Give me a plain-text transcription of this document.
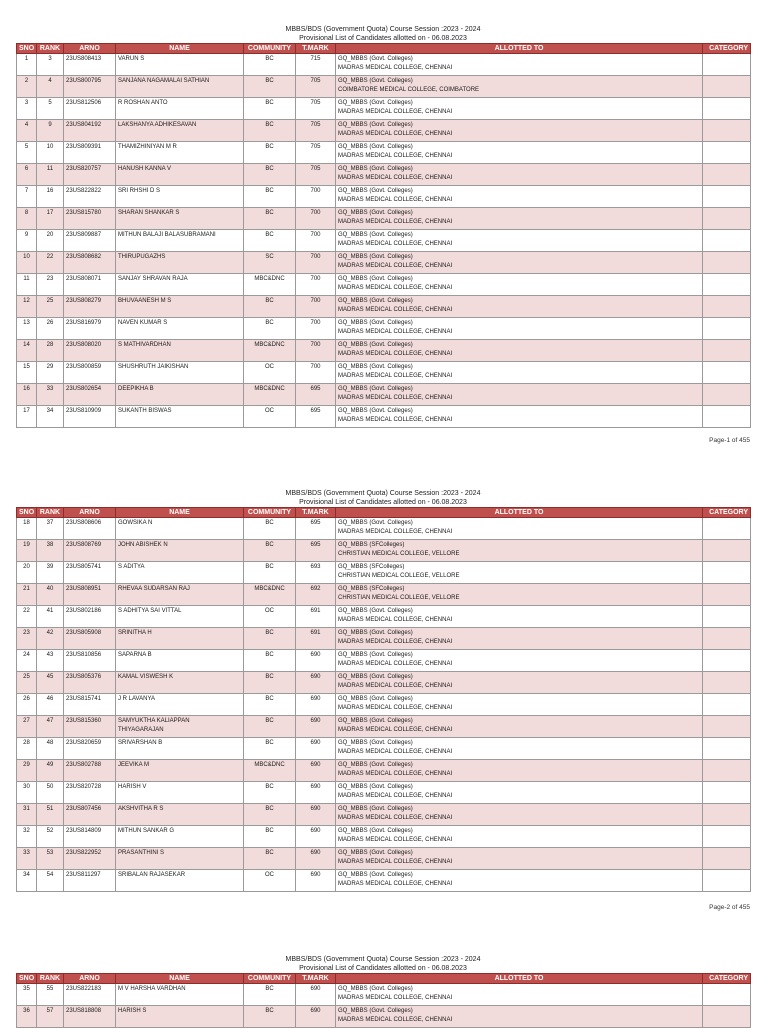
MBBS/BDS (Government Quota) Course Session :2023 - 2024
Provisional List of Candidates allotted on - 06.08.2023
SNO	RANK	ARNO	NAME	COMMUNITY	T.MARK	ALLOTTED TO	CATEGORY
1	3	23US808413	VARUN S	BC	715	GQ_MBBS (Govt. Colleges)
MADRAS MEDICAL COLLEGE, CHENNAI	

2	4	23US800795	SANJANA NAGAMALAI SATHIAN	BC	705	GQ_MBBS (Govt. Colleges)
COIMBATORE MEDICAL COLLEGE, COIMBATORE	

3	5	23US812506	R ROSHAN ANTO	BC	705	GQ_MBBS (Govt. Colleges)
MADRAS MEDICAL COLLEGE, CHENNAI	

4	9	23US804192	LAKSHANYA ADHIKESAVAN	BC	705	GQ_MBBS (Govt. Colleges)
MADRAS MEDICAL COLLEGE, CHENNAI	

5	10	23US809391	THAMIZHINIYAN M R	BC	705	GQ_MBBS (Govt. Colleges)
MADRAS MEDICAL COLLEGE, CHENNAI	

6	11	23US820757	HANUSH KANNA V	BC	705	GQ_MBBS (Govt. Colleges)
MADRAS MEDICAL COLLEGE, CHENNAI	

7	16	23US822822	SRI RHSHI D S	BC	700	GQ_MBBS (Govt. Colleges)
MADRAS MEDICAL COLLEGE, CHENNAI	

8	17	23US815780	SHARAN SHANKAR S	BC	700	GQ_MBBS (Govt. Colleges)
MADRAS MEDICAL COLLEGE, CHENNAI	

9	20	23US809887	MITHUN BALAJI BALASUBRAMANI	BC	700	GQ_MBBS (Govt. Colleges)
MADRAS MEDICAL COLLEGE, CHENNAI	

10	22	23US808682	THIRUPUGAZHS	SC	700	GQ_MBBS (Govt. Colleges)
MADRAS MEDICAL COLLEGE, CHENNAI	

11	23	23US808071	SANJAY SHRAVAN RAJA	MBC&DNC	700	GQ_MBBS (Govt. Colleges)
MADRAS MEDICAL COLLEGE, CHENNAI	

12	25	23US808279	BHUVAANESH M S	BC	700	GQ_MBBS (Govt. Colleges)
MADRAS MEDICAL COLLEGE, CHENNAI	

13	26	23US816979	NAVEN KUMAR S	BC	700	GQ_MBBS (Govt. Colleges)
MADRAS MEDICAL COLLEGE, CHENNAI	

14	28	23US808020	S MATHIVARDHAN	MBC&DNC	700	GQ_MBBS (Govt. Colleges)
MADRAS MEDICAL COLLEGE, CHENNAI	

15	29	23US800859	SHUSHRUTH JAIKISHAN	OC	700	GQ_MBBS (Govt. Colleges)
MADRAS MEDICAL COLLEGE, CHENNAI	

16	33	23US802654	DEEPIKHA B	MBC&DNC	695	GQ_MBBS (Govt. Colleges)
MADRAS MEDICAL COLLEGE, CHENNAI	

17	34	23US810909	SUKANTH BISWAS	OC	695	GQ_MBBS (Govt. Colleges)
MADRAS MEDICAL COLLEGE, CHENNAI	

Page-1 of 455
MBBS/BDS (Government Quota) Course Session :2023 - 2024
Provisional List of Candidates allotted on - 06.08.2023
SNO	RANK	ARNO	NAME	COMMUNITY	T.MARK	ALLOTTED TO	CATEGORY
18	37	23US808606	GOWSIKA N	BC	695	GQ_MBBS (Govt. Colleges)
MADRAS MEDICAL COLLEGE, CHENNAI	

19	38	23US808769	JOHN ABISHEK N	BC	695	GQ_MBBS (SFColleges)
CHRISTIAN MEDICAL COLLEGE, VELLORE	

20	39	23US805741	S ADITYA	BC	693	GQ_MBBS (SFColleges)
CHRISTIAN MEDICAL COLLEGE, VELLORE	

21	40	23US808951	RHEVAA SUDARSAN RAJ	MBC&DNC	692	GQ_MBBS (SFColleges)
CHRISTIAN MEDICAL COLLEGE, VELLORE	

22	41	23US802186	S ADHITYA SAI VITTAL	OC	691	GQ_MBBS (Govt. Colleges)
MADRAS MEDICAL COLLEGE, CHENNAI	

23	42	23US805908	SRINITHA H	BC	691	GQ_MBBS (Govt. Colleges)
MADRAS MEDICAL COLLEGE, CHENNAI	

24	43	23US810856	SAPARNA B	BC	690	GQ_MBBS (Govt. Colleges)
MADRAS MEDICAL COLLEGE, CHENNAI	

25	45	23US805376	KAMAL VISWESH K	BC	690	GQ_MBBS (Govt. Colleges)
MADRAS MEDICAL COLLEGE, CHENNAI	

26	46	23US815741	J R LAVANYA	BC	690	GQ_MBBS (Govt. Colleges)
MADRAS MEDICAL COLLEGE, CHENNAI	

27	47	23US815360	SAMYUKTHA KALIAPPAN
THIYAGARAJAN	BC	690	GQ_MBBS (Govt. Colleges)
MADRAS MEDICAL COLLEGE, CHENNAI	

28	48	23US820659	SRIVARSHAN B	BC	690	GQ_MBBS (Govt. Colleges)
MADRAS MEDICAL COLLEGE, CHENNAI	

29	49	23US802788	JEEVIKA M	MBC&DNC	690	GQ_MBBS (Govt. Colleges)
MADRAS MEDICAL COLLEGE, CHENNAI	

30	50	23US820728	HARISH V	BC	690	GQ_MBBS (Govt. Colleges)
MADRAS MEDICAL COLLEGE, CHENNAI	

31	51	23US807456	AKSHVITHA R S	BC	690	GQ_MBBS (Govt. Colleges)
MADRAS MEDICAL COLLEGE, CHENNAI	

32	52	23US814809	MITHUN SANKAR G	BC	690	GQ_MBBS (Govt. Colleges)
MADRAS MEDICAL COLLEGE, CHENNAI	

33	53	23US822952	PRASANTHINI S	BC	690	GQ_MBBS (Govt. Colleges)
MADRAS MEDICAL COLLEGE, CHENNAI	

34	54	23US811297	SRIBALAN RAJASEKAR	OC	690	GQ_MBBS (Govt. Colleges)
MADRAS MEDICAL COLLEGE, CHENNAI	

Page-2 of 455
MBBS/BDS (Government Quota) Course Session :2023 - 2024
Provisional List of Candidates allotted on - 06.08.2023
SNO	RANK	ARNO	NAME	COMMUNITY	T.MARK	ALLOTTED TO	CATEGORY
35	55	23US822183	M V HARSHA VARDHAN	BC	690	GQ_MBBS (Govt. Colleges)
MADRAS MEDICAL COLLEGE, CHENNAI	

36	57	23US818808	HARISH S	BC	690	GQ_MBBS (Govt. Colleges)
MADRAS MEDICAL COLLEGE, CHENNAI	
